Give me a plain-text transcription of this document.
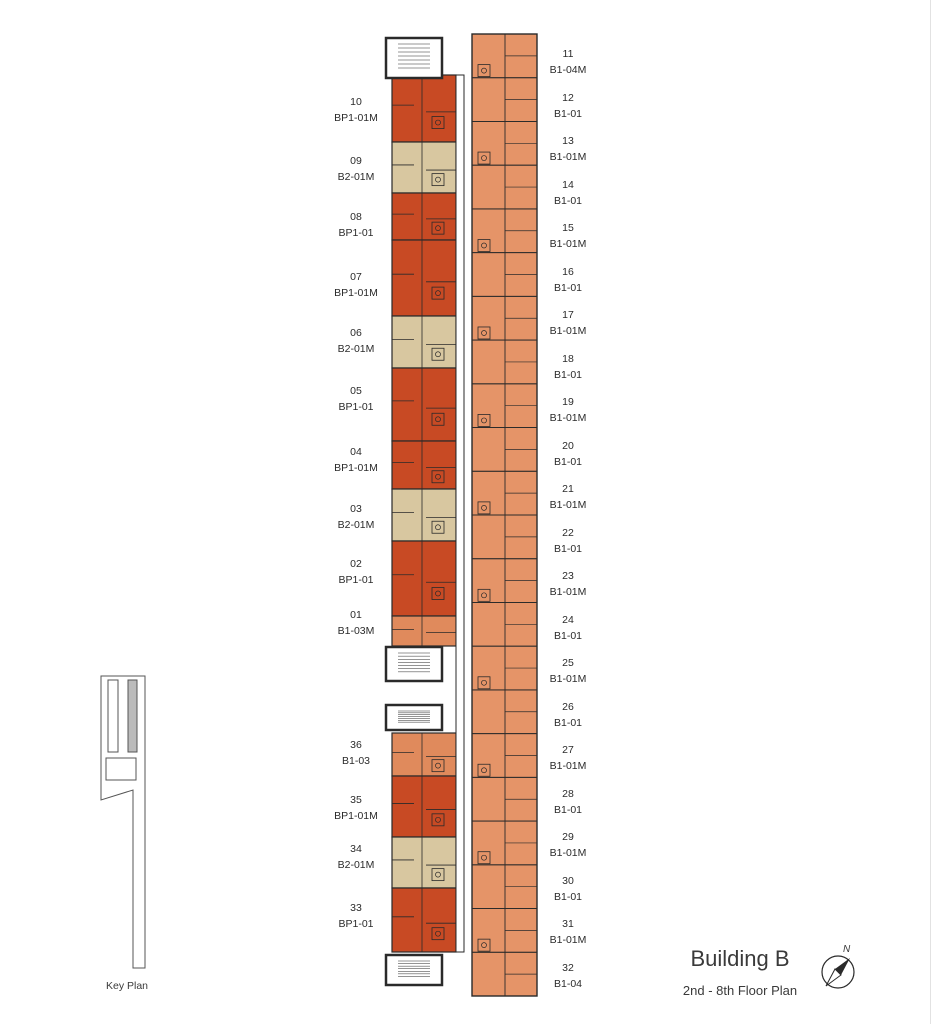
10
BP1-01M
09
B2-01M
08
BP1-01
07
BP1-01M
06
B2-01M
05
BP1-01
04
BP1-01M
03
B2-01M
02
BP1-01
01
B1-03M
36
B1-03
35
BP1-01M
34
B2-01M
33
BP1-01
11
B1-04M
12
B1-01
13
B1-01M
14
B1-01
15
B1-01M
16
B1-01
17
B1-01M
18
B1-01
19
B1-01M
20
B1-01
21
B1-01M
22
B1-01
23
B1-01M
24
B1-01
25
B1-01M
26
B1-01
27
B1-01M
28
B1-01
29
B1-01M
30
B1-01
31
B1-01M
32
B1-04
Building B
2nd - 8th Floor Plan
Key Plan
N
